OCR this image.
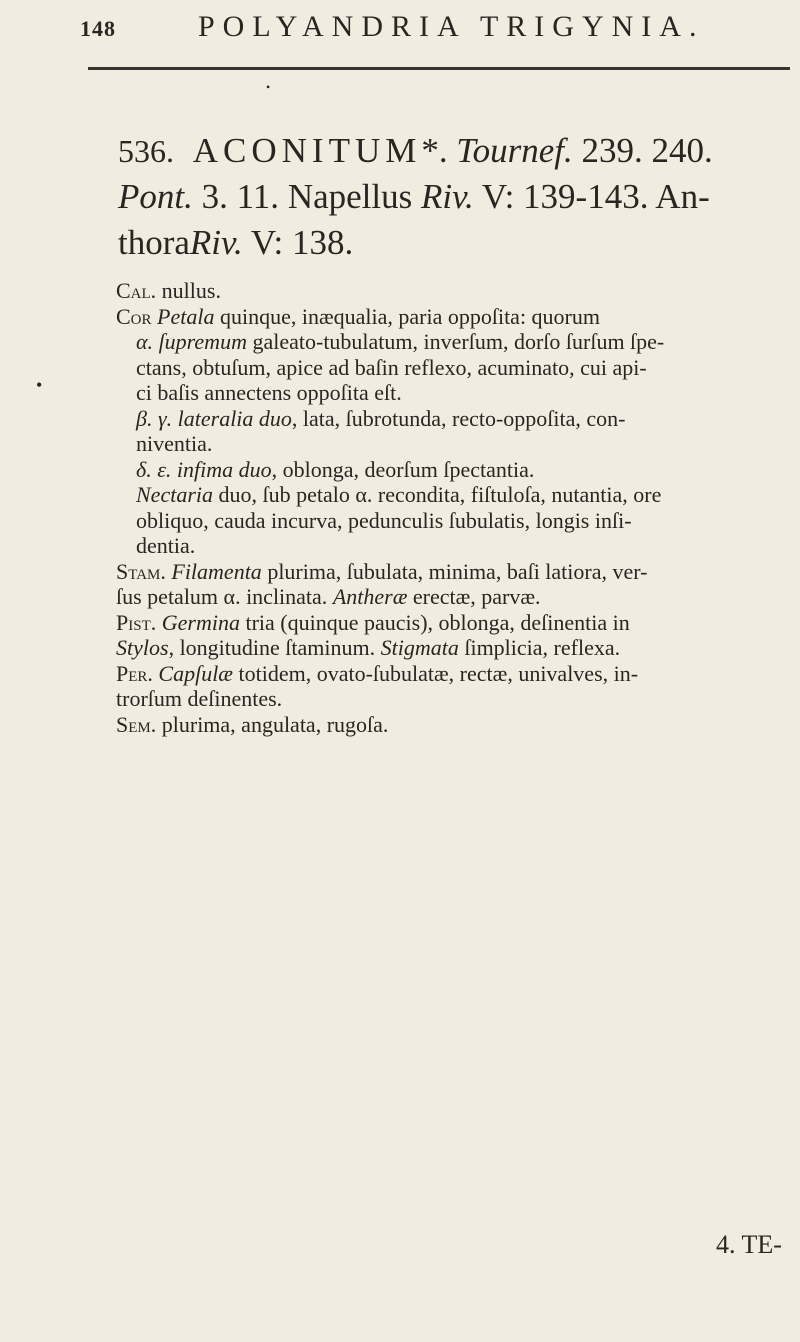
148	POLYANDRIA TRIGYNIA.
•
•
536. ACONITUM*. Tournef. 239. 240.
Pont. 3. 11. Napellus Riv. V: 139-143. An-
thoraRiv. V: 138.

Cal. nullus.

Cor Petala quinque, inæqualia, paria oppoſita: quorum

α. ſupremum galeato-tubulatum, inverſum, dorſo ſurſum ſpe-
ctans, obtuſum, apice ad baſin reflexo, acuminato, cui api-
ci baſis annectens oppoſita eſt.

β. γ. lateralia duo, lata, ſubrotunda, recto-oppoſita, con-
niventia.

δ. ε. infima duo, oblonga, deorſum ſpectantia.

Nectaria duo, ſub petalo α. recondita, fiſtuloſa, nutantia, ore
obliquo, cauda incurva, pedunculis ſubulatis, longis inſi-
dentia.

Stam. Filamenta plurima, ſubulata, minima, baſi latiora, ver-
ſus petalum α. inclinata. Antheræ erectæ, parvæ.

Pist. Germina tria (quinque paucis), oblonga, deſinentia in
Stylos, longitudine ſtaminum. Stigmata ſimplicia, reflexa.

Per. Capſulæ totidem, ovato-ſubulatæ, rectæ, univalves, in-
trorſum deſinentes.

Sem. plurima, angulata, rugoſa.

4. TE-
